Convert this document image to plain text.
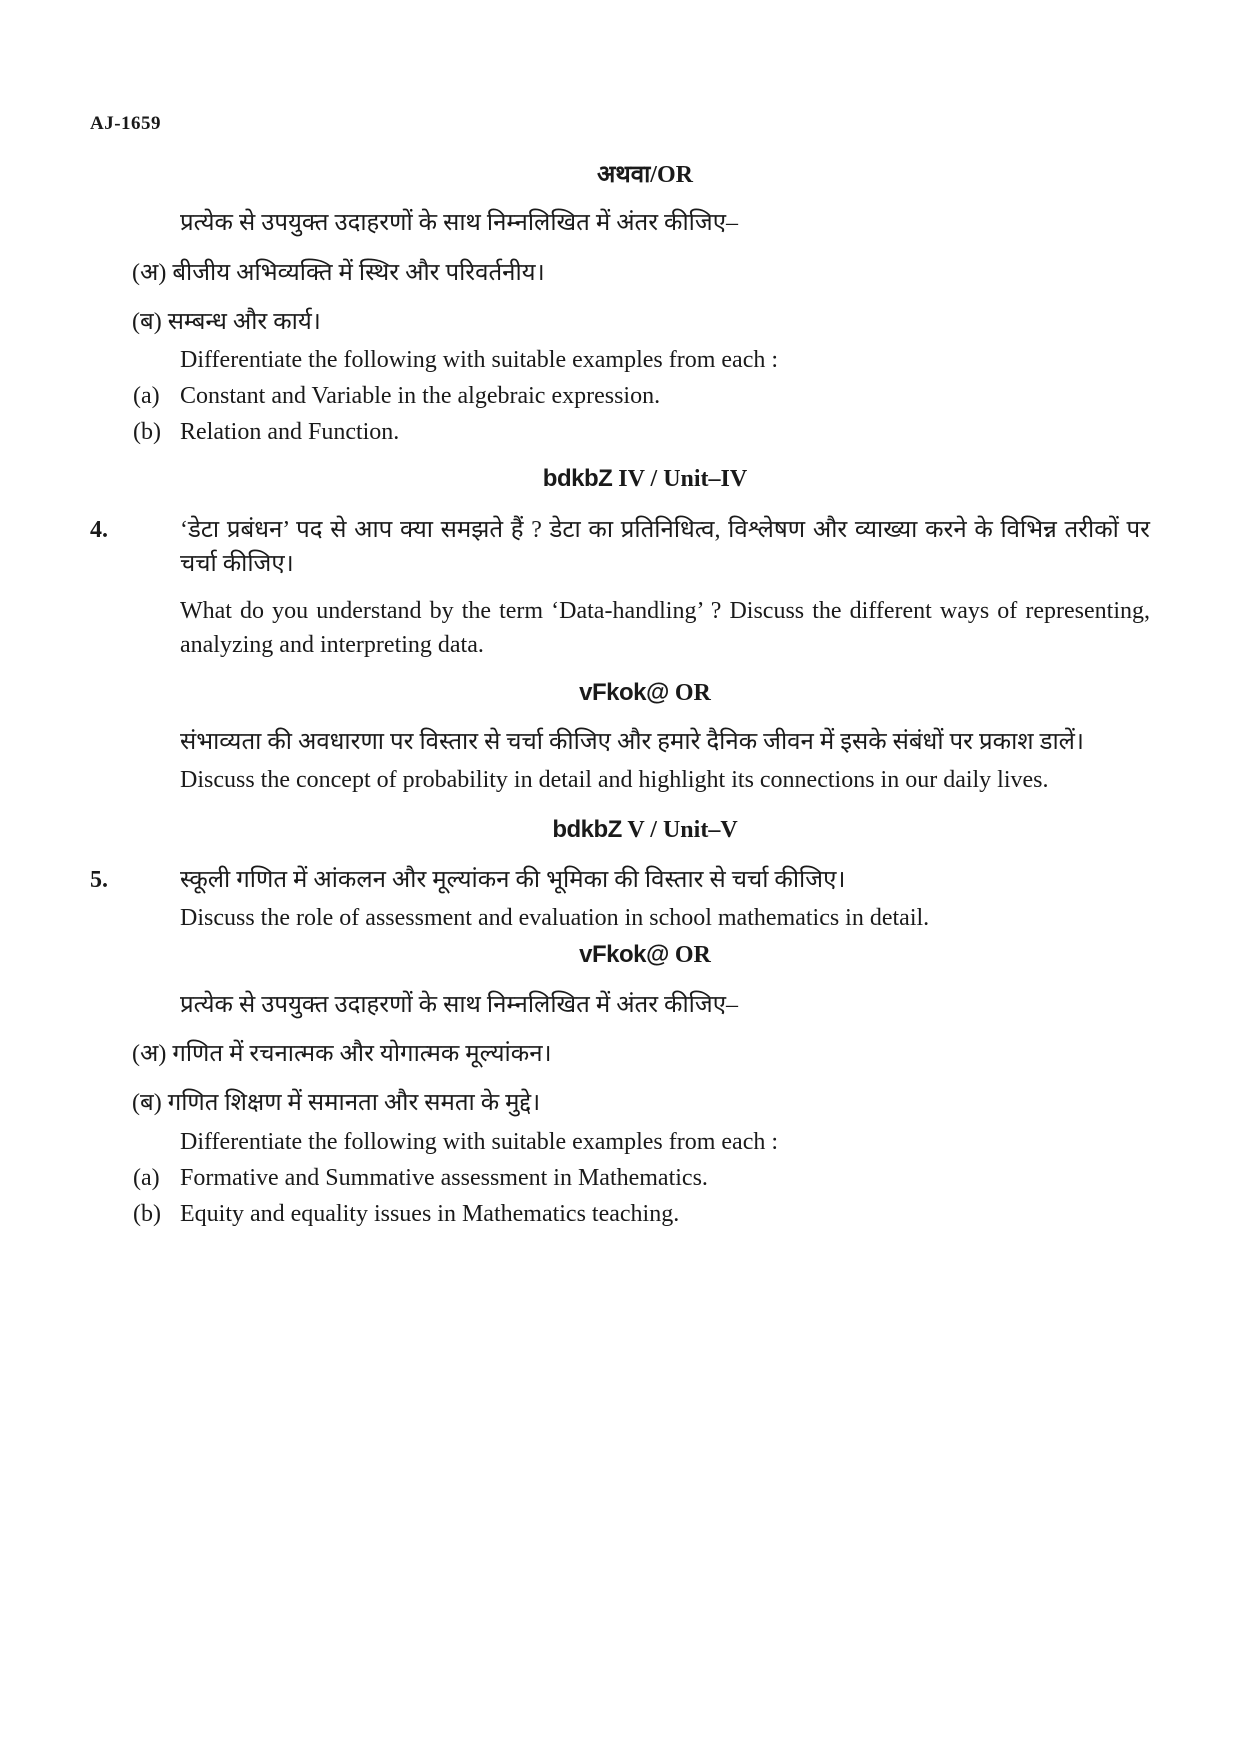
AJ-1659
अथवा/OR
प्रत्येक से उपयुक्त उदाहरणों के साथ निम्नलिखित में अंतर कीजिए–
(अ) बीजीय अभिव्यक्ति में स्थिर और परिवर्तनीय।
(ब) सम्बन्ध और कार्य।
Differentiate the following with suitable examples from each :
(a) Constant and Variable in the algebraic expression.
(b) Relation and Function.
bdkbZ IV / Unit–IV
4.	‘डेटा प्रबंधन’ पद से आप क्या समझते हैं ? डेटा का प्रतिनिधित्व, विश्लेषण और व्याख्या करने के विभिन्न तरीकों पर चर्चा कीजिए।
What do you understand by the term ‘Data-handling’ ? Discuss the different ways of representing, analyzing and interpreting data.
vFkok@ OR
संभाव्यता की अवधारणा पर विस्तार से चर्चा कीजिए और हमारे दैनिक जीवन में इसके संबंधों पर प्रकाश डालें।
Discuss the concept of probability in detail and highlight its connections in our daily lives.
bdkbZ V / Unit–V
5.	स्कूली गणित में आंकलन और मूल्यांकन की भूमिका की विस्तार से चर्चा कीजिए।
Discuss the role of assessment and evaluation in school mathematics in detail.
vFkok@ OR
प्रत्येक से उपयुक्त उदाहरणों के साथ निम्नलिखित में अंतर कीजिए–
(अ) गणित में रचनात्मक और योगात्मक मूल्यांकन।
(ब) गणित शिक्षण में समानता और समता के मुद्दे।
Differentiate the following with suitable examples from each :
(a) Formative and Summative assessment in Mathematics.
(b) Equity and equality issues in Mathematics teaching.
